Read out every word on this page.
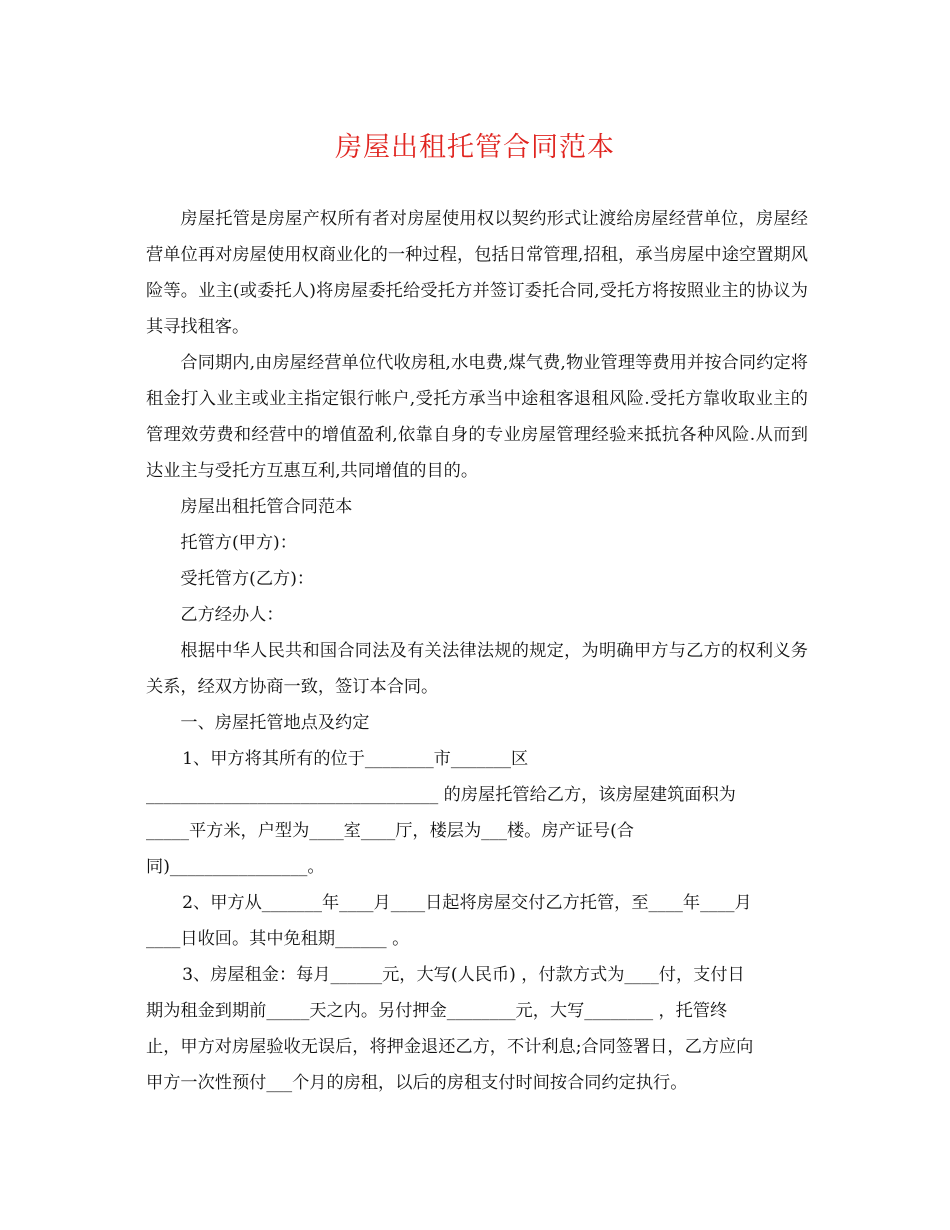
房屋出租托管合同范本

房屋托管是房屋产权所有者对房屋使用权以契约形式让渡给房屋经营单位，房屋经营单位再对房屋使用权商业化的一种过程，包括日常管理,招租，承当房屋中途空置期风险等。业主(或委托人)将房屋委托给受托方并签订委托合同,受托方将按照业主的协议为其寻找租客。

合同期内,由房屋经营单位代收房租,水电费,煤气费,物业管理等费用并按合同约定将租金打入业主或业主指定银行帐户,受托方承当中途租客退租风险.受托方靠收取业主的管理效劳费和经营中的增值盈利,依靠自身的专业房屋管理经验来抵抗各种风险.从而到达业主与受托方互惠互利,共同增值的目的。

房屋出租托管合同范本

托管方(甲方)：

受托管方(乙方)：

乙方经办人：

根据中华人民共和国合同法及有关法律法规的规定，为明确甲方与乙方的权利义务关系，经双方协商一致，签订本合同。

一、房屋托管地点及约定

1、甲方将其所有的位于________市_______区

__________________________________ 的房屋托管给乙方，该房屋建筑面积为

_____平方米，户型为____室____厅，楼层为___楼。房产证号(合

同)________________。

2、甲方从_______年____月____日起将房屋交付乙方托管，至____年____月

____日收回。其中免租期______ 。

3、房屋租金：每月______元，大写(人民币) ，付款方式为____付，支付日

期为租金到期前_____天之内。另付押金________元，大写________ ，托管终

止，甲方对房屋验收无误后，将押金退还乙方，不计利息;合同签署日，乙方应向

甲方一次性预付___个月的房租，以后的房租支付时间按合同约定执行。
